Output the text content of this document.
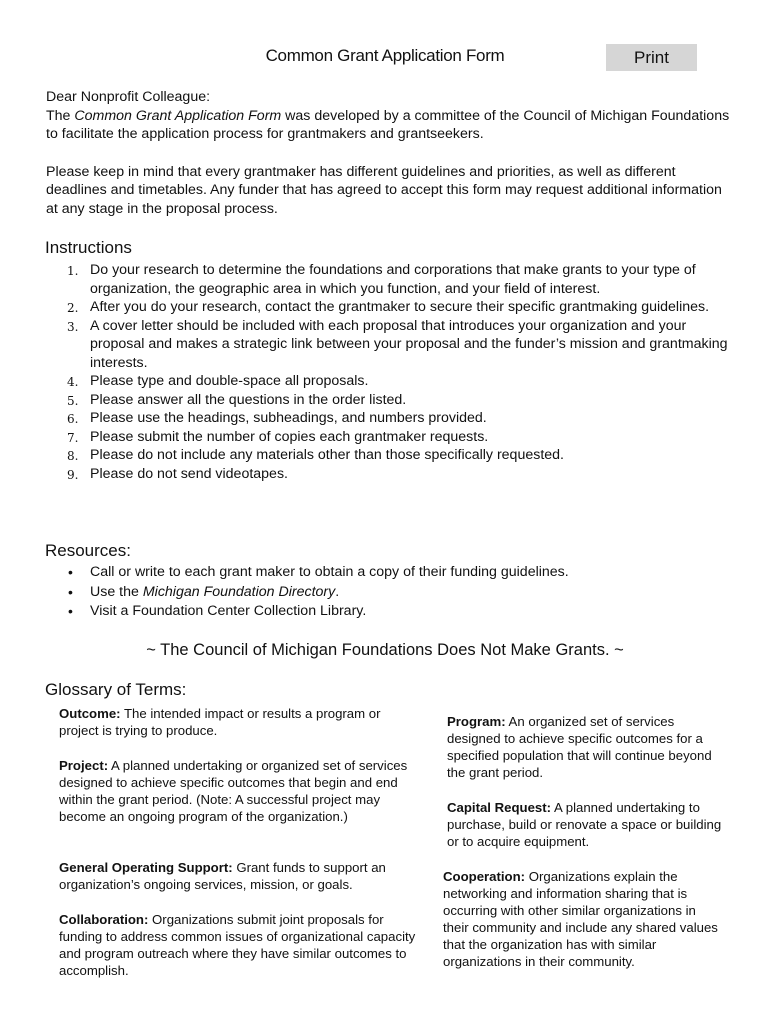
Common Grant Application Form	Print

Dear Nonprofit Colleague:
The Common Grant Application Form was developed by a committee of the Council of Michigan Foundations to facilitate the application process for grantmakers and grantseekers.

Please keep in mind that every grantmaker has different guidelines and priorities, as well as different deadlines and timetables. Any funder that has agreed to accept this form may request additional information at any stage in the proposal process.

Instructions
1. Do your research to determine the foundations and corporations that make grants to your type of organization, the geographic area in which you function, and your field of interest.
2. After you do your research, contact the grantmaker to secure their specific grantmaking guidelines.
3. A cover letter should be included with each proposal that introduces your organization and your proposal and makes a strategic link between your proposal and the funder’s mission and grantmaking interests.
4. Please type and double-space all proposals.
5. Please answer all the questions in the order listed.
6. Please use the headings, subheadings, and numbers provided.
7. Please submit the number of copies each grantmaker requests.
8. Please do not include any materials other than those specifically requested.
9. Please do not send videotapes.
Resources:
• Call or write to each grant maker to obtain a copy of their funding guidelines.
• Use the Michigan Foundation Directory.
• Visit a Foundation Center Collection Library.
~ The Council of Michigan Foundations Does Not Make Grants. ~
Glossary of Terms:

Outcome: The intended impact or results a program or project is trying to produce.

Project: A planned undertaking or organized set of services designed to achieve specific outcomes that begin and end within the grant period. (Note: A successful project may become an ongoing program of the organization.)

General Operating Support: Grant funds to support an organization’s ongoing services, mission, or goals.

Collaboration: Organizations submit joint proposals for funding to address common issues of organizational capacity and program outreach where they have similar outcomes to accomplish.

Program: An organized set of services designed to achieve specific outcomes for a specified population that will continue beyond the grant period.

Capital Request: A planned undertaking to purchase, build or renovate a space or building or to acquire equipment.

Cooperation: Organizations explain the networking and information sharing that is occurring with other similar organizations in their community and include any shared values that the organization has with similar organizations in their community.
